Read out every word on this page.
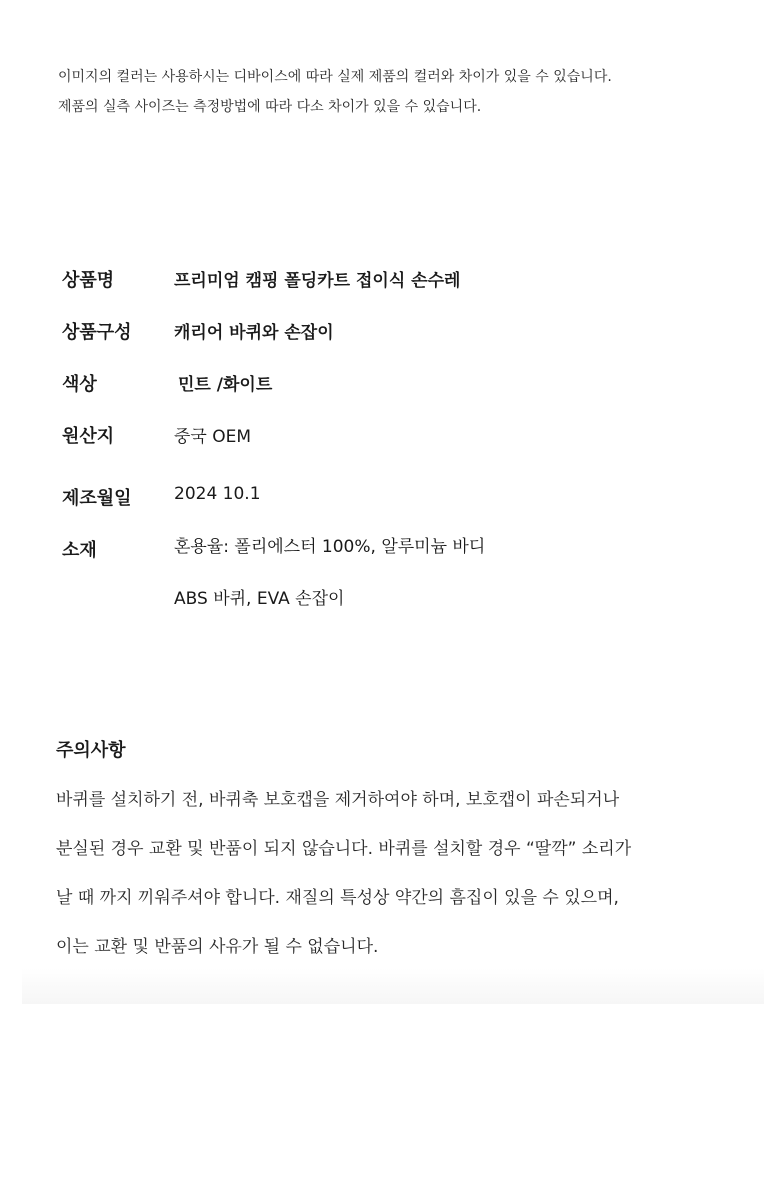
이미지의 컬러는 사용하시는 디바이스에 따라 실제 제품의 컬러와 차이가 있을 수 있습니다.
제품의 실측 사이즈는 측정방법에 따라 다소 차이가 있을 수 있습니다.
상품명	프리미엄 캠핑 폴딩카트 접이식 손수레
상품구성 캐리어 바퀴와 손잡이
색상	민트 /화이트
원산지	중국 OEM
제조월일 2024 10.1
소재	혼용율: 폴리에스터 100%, 알루미늄 바디
ABS 바퀴, EVA 손잡이
주의사항
바퀴를 설치하기 전, 바퀴축 보호캡을 제거하여야 하며, 보호캡이 파손되거나
분실된 경우 교환 및 반품이 되지 않습니다. 바퀴를 설치할 경우 “딸깍” 소리가
날 때 까지 끼워주셔야 합니다. 재질의 특성상 약간의 흠집이 있을 수 있으며,
이는 교환 및 반품의 사유가 될 수 없습니다.
